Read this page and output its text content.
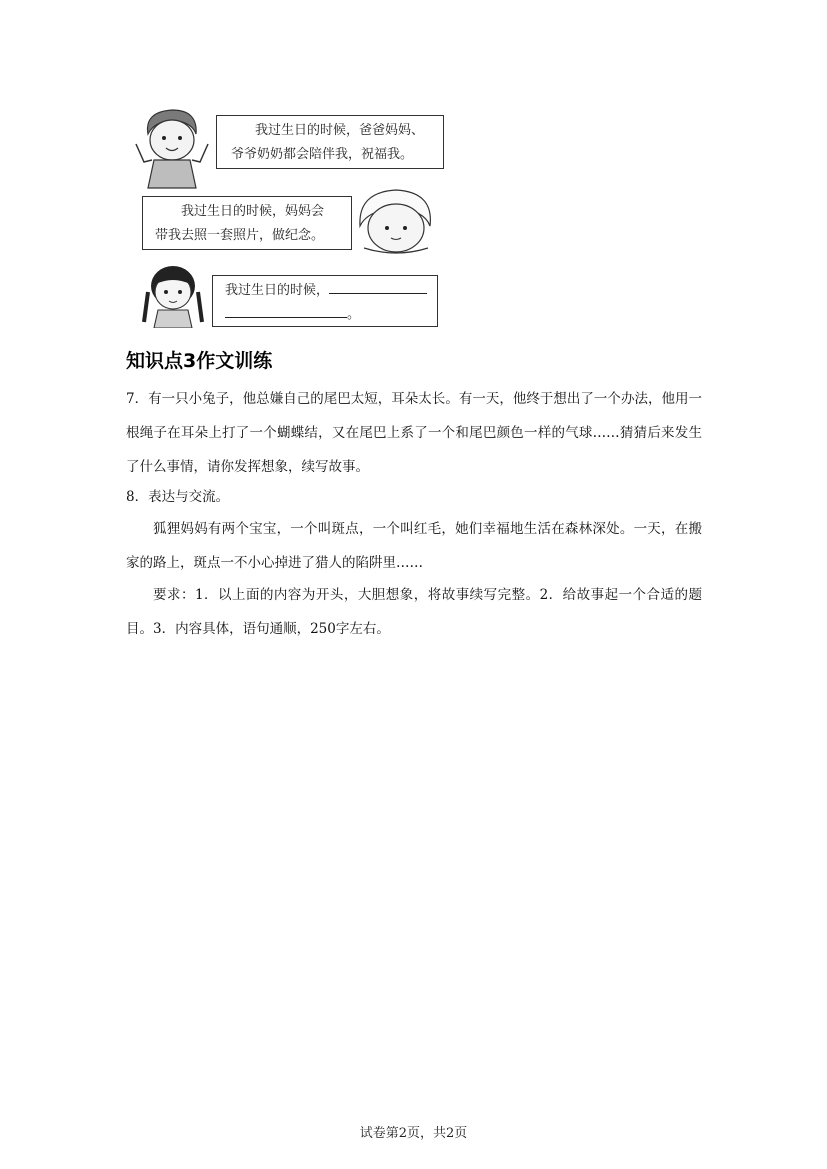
我过生日的时候，爸爸妈妈、
爷爷奶奶都会陪伴我，祝福我。
我过生日的时候，妈妈会
带我去照一套照片，做纪念。
我过生日的时候，
。
知识点3作文训练
7．有一只小兔子，他总嫌自己的尾巴太短，耳朵太长。有一天，他终于想出了一个办法，他用一根绳子在耳朵上打了一个蝴蝶结，又在尾巴上系了一个和尾巴颜色一样的气球……猜猜后来发生了什么事情，请你发挥想象，续写故事。
8．表达与交流。
狐狸妈妈有两个宝宝，一个叫斑点，一个叫红毛，她们幸福地生活在森林深处。一天，在搬家的路上，斑点一不小心掉进了猎人的陷阱里……
要求：1．以上面的内容为开头，大胆想象，将故事续写完整。2．给故事起一个合适的题目。3．内容具体，语句通顺，250字左右。
试卷第2页，共2页
